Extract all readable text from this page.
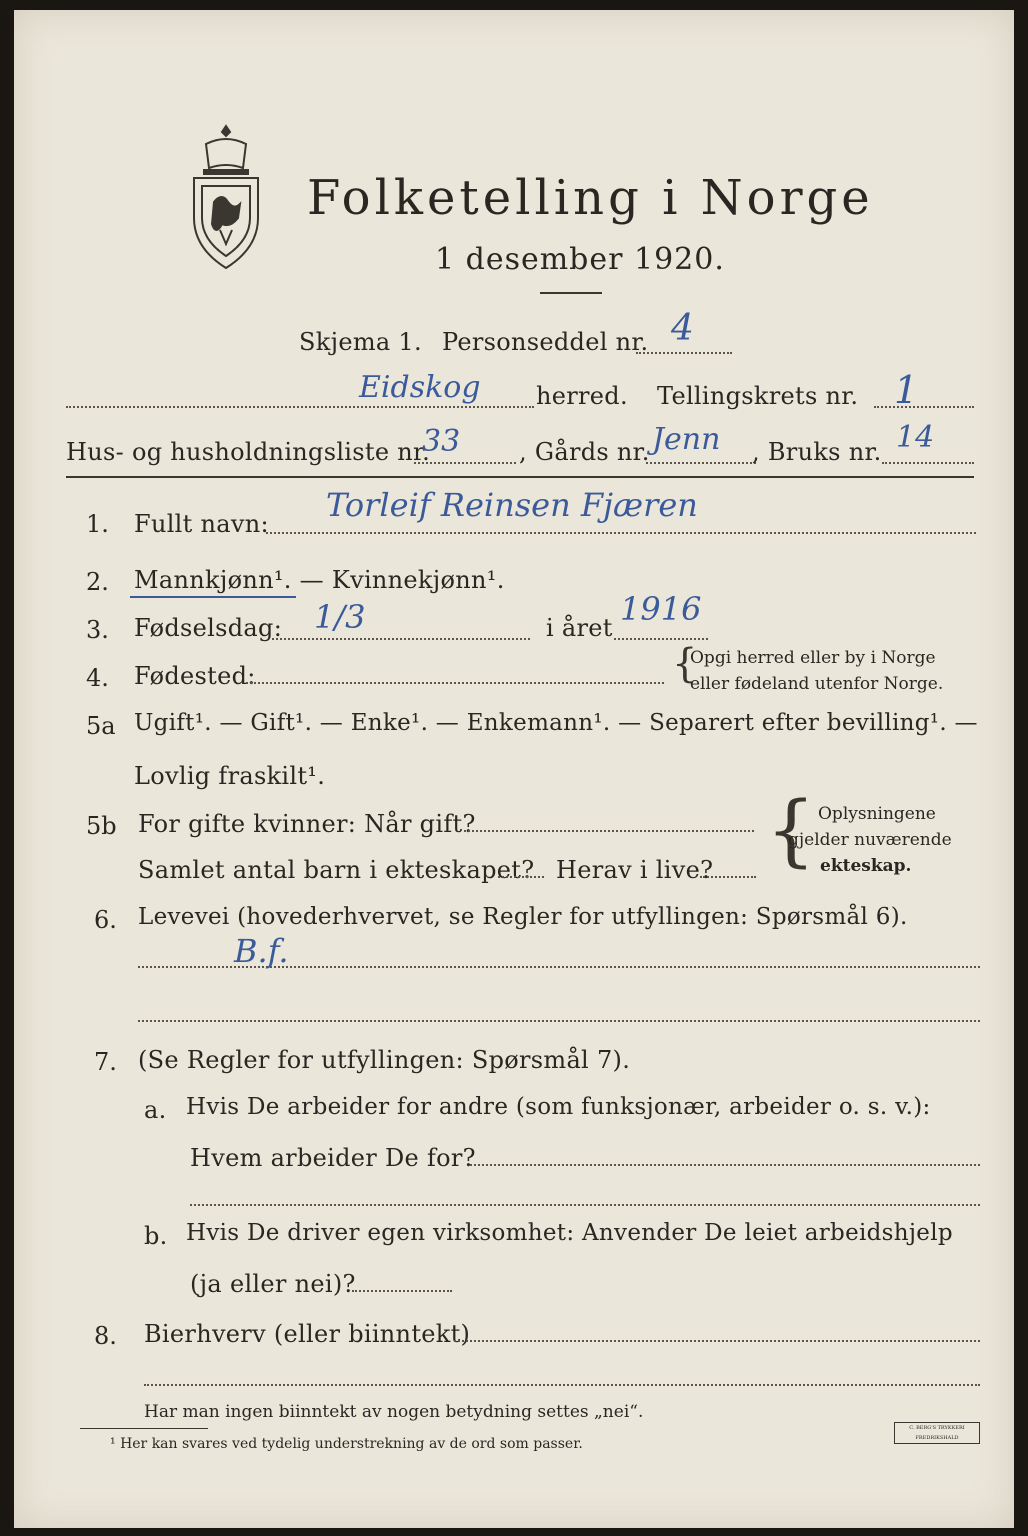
Folketelling i Norge
1 desember 1920.
Skjema 1. Personseddel nr. 4
Eidskog herred. Tellingskrets nr. 1
Hus- og husholdningsliste nr.
33 , Gårds nr. Jenn , Bruks nr. 14
1. Fullt navn: Torleif Reinsen Fjæren
2. Mannkjønn¹. — Kvinnekjønn¹.
3. Fødselsdag: 1/3	i året 1916
4. Fødested:	{
Opgi herred eller by i Norge
eller fødeland utenfor Norge.
5a Ugift¹. — Gift¹. — Enke¹. — Enkemann¹. — Separert efter bevilling¹. —
Lovlig fraskilt¹.
5b For gifte kvinner: Når gift?
Samlet antal barn i ekteskapet? Herav i live? { Oplysningene
gjelder nuværende
ekteskap.
6. Levevei (hovederhvervet, se Regler for utfyllingen: Spørsmål 6).
B.f.
7. (Se Regler for utfyllingen: Spørsmål 7).
a. Hvis De arbeider for andre (som funksjonær, arbeider o. s. v.):
Hvem arbeider De for?
b. Hvis De driver egen virksomhet: Anvender De leiet arbeidshjelp
(ja eller nei)?
8. Bierhverv (eller biinntekt)
Har man ingen biinntekt av nogen betydning settes „nei“.
¹ Her kan svares ved tydelig understrekning av de ord som passer.
C. BERG'S TRYKKERI FREDRIKSHALD
